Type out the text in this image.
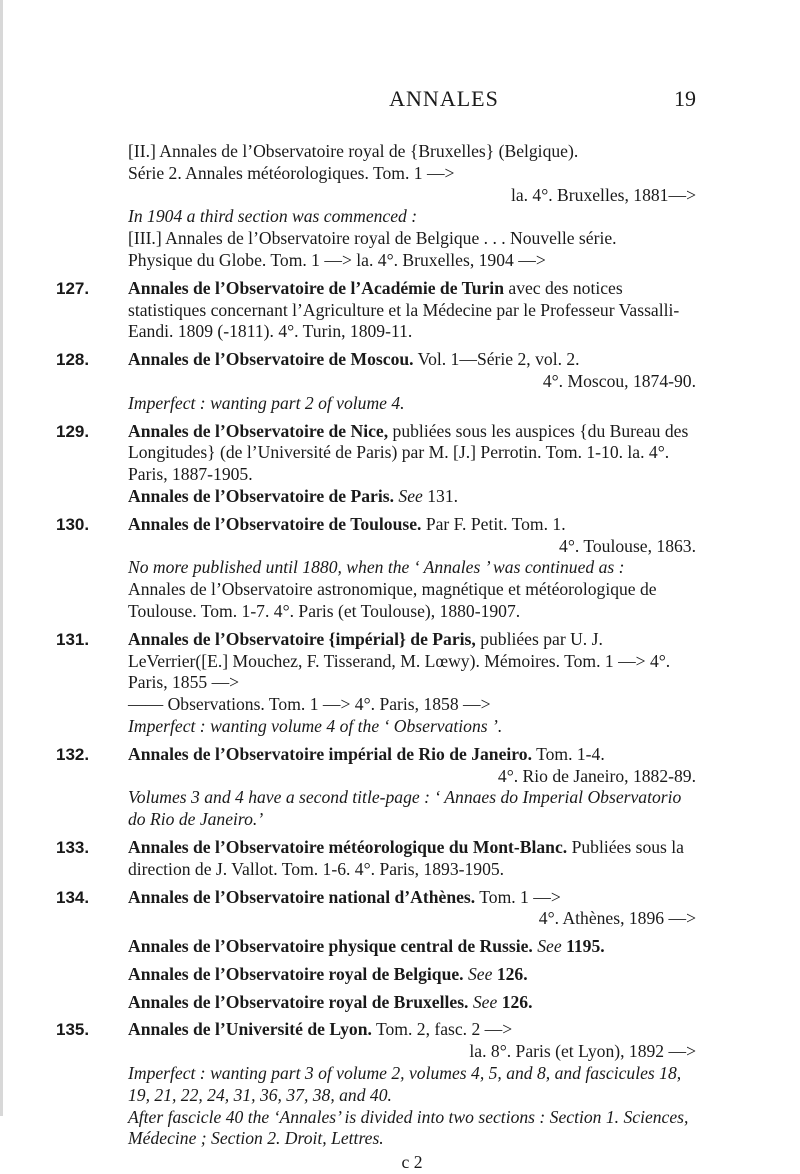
ANNALES	19
[II.] Annales de l’Observatoire royal de {Bruxelles} (Belgique).
Série 2. Annales météorologiques. Tom. 1 —>
la. 4°. Bruxelles, 1881—>
In 1904 a third section was commenced :
[III.] Annales de l’Observatoire royal de Belgique . . . Nouvelle série.
Physique du Globe. Tom. 1 —> la. 4°. Bruxelles, 1904 —>
127. Annales de l’Observatoire de l’Académie de Turin avec des notices statistiques concernant l’Agriculture et la Médecine par le Professeur Vassalli-Eandi. 1809 (-1811). 4°. Turin, 1809-11.
128. Annales de l’Observatoire de Moscou. Vol. 1—Série 2, vol. 2.
4°. Moscou, 1874-90.
Imperfect : wanting part 2 of volume 4.
129. Annales de l’Observatoire de Nice, publiées sous les auspices {du Bureau des Longitudes} (de l’Université de Paris) par M. [J.] Perrotin. Tom. 1-10. la. 4°. Paris, 1887-1905.
Annales de l’Observatoire de Paris. See 131.
130. Annales de l’Observatoire de Toulouse. Par F. Petit. Tom. 1.
4°. Toulouse, 1863.
No more published until 1880, when the ‘ Annales ’ was continued as :
Annales de l’Observatoire astronomique, magnétique et météorologique de Toulouse. Tom. 1-7. 4°. Paris (et Toulouse), 1880-1907.
131. Annales de l’Observatoire {impérial} de Paris, publiées par U. J. LeVerrier([E.] Mouchez, F. Tisserand, M. Lœwy). Mémoires. Tom. 1 —> 4°. Paris, 1855 —>
—— Observations. Tom. 1 —> 4°. Paris, 1858 —>
Imperfect : wanting volume 4 of the ‘ Observations ’.
132. Annales de l’Observatoire impérial de Rio de Janeiro. Tom. 1-4.
4°. Rio de Janeiro, 1882-89.
Volumes 3 and 4 have a second title-page : ‘ Annaes do Imperial Observatorio do Rio de Janeiro.’
133. Annales de l’Observatoire météorologique du Mont-Blanc. Publiées sous la direction de J. Vallot. Tom. 1-6. 4°. Paris, 1893-1905.
134. Annales de l’Observatoire national d’Athènes. Tom. 1 —>
4°. Athènes, 1896 —>
Annales de l’Observatoire physique central de Russie. See 1195.
Annales de l’Observatoire royal de Belgique. See 126.
Annales de l’Observatoire royal de Bruxelles. See 126.
135. Annales de l’Université de Lyon. Tom. 2, fasc. 2 —>
la. 8°. Paris (et Lyon), 1892 —>
Imperfect : wanting part 3 of volume 2, volumes 4, 5, and 8, and fascicules 18, 19, 21, 22, 24, 31, 36, 37, 38, and 40.
After fascicle 40 the ‘Annales’ is divided into two sections : Section 1. Sciences, Médecine ; Section 2. Droit, Lettres.
c 2
